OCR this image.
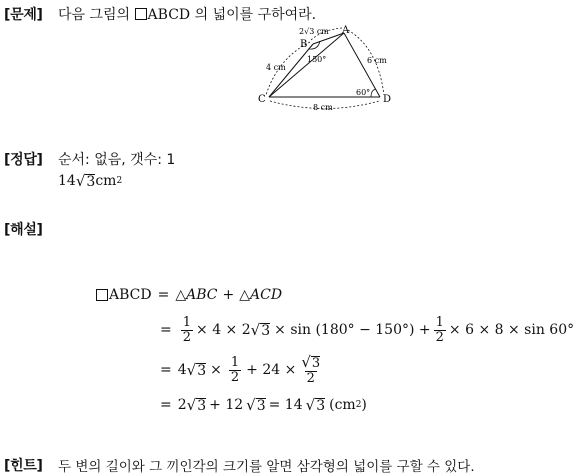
[문제] 다음 그림의 ABCD 의 넓이를 구하여라.
A
B
C	D
2√3 cm
4 cm
6 cm
8 cm
150°
60°
[정답] 순서: 없음, 갯수: 1
14 √ 3 cm 2
[해설]
ABCD = △ ABC + △ ACD
= $\frac{1}{2} \times 4 \times 2$ √ $3 \times \sin (180^\circ - 150^\circ) + \frac{1}{2} \times 6 \times 8 \times \sin 60^\circ$
= 4 √ $3 \times \frac{1}{2} + 24 \times \frac{√ 3}{2}$
= 2 √ 3 + 12 √ 3 = 14 √ 3 (cm 2 )
[힌트] 두 변의 길이와 그 끼인각의 크기를 알면 삼각형의 넓이를 구할 수 있다.
